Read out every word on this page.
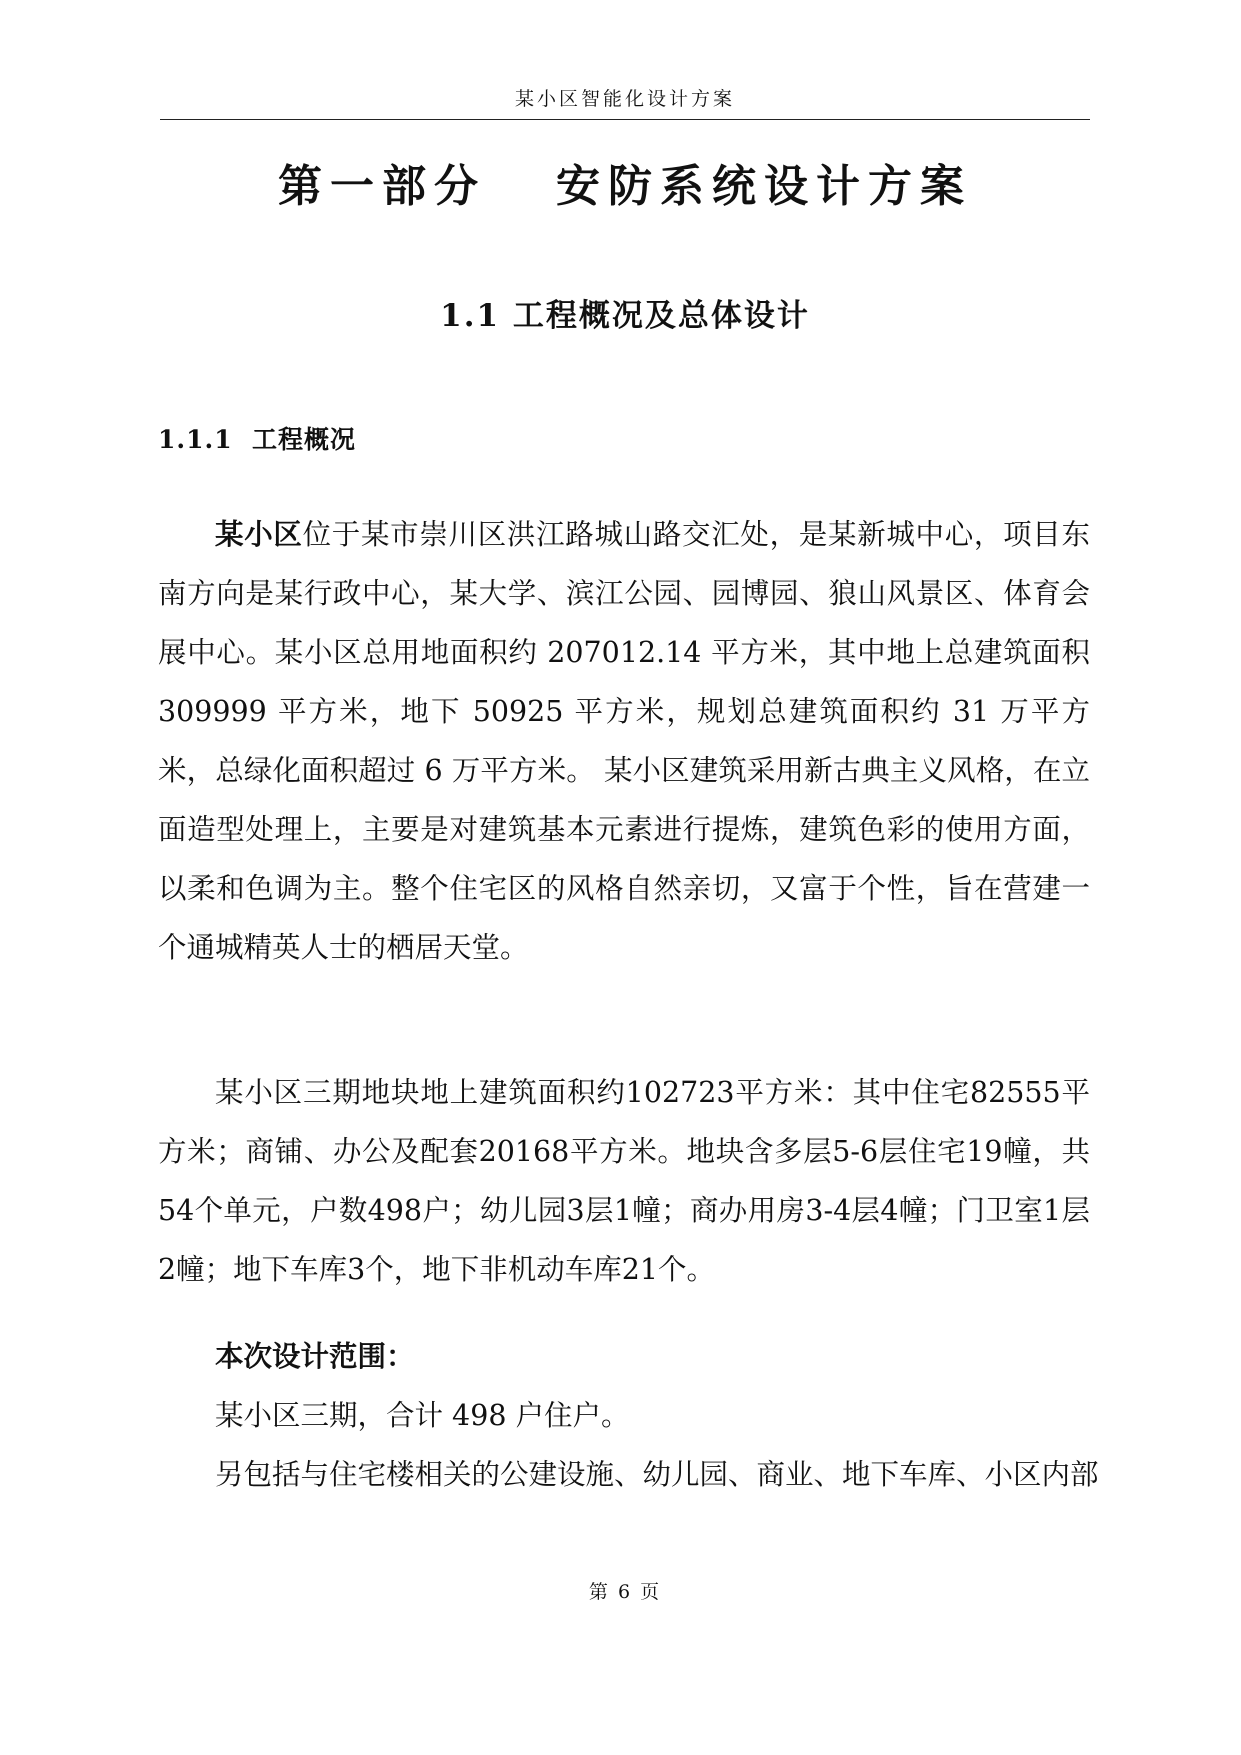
某小区智能化设计方案
第一部分   安防系统设计方案
1.1 工程概况及总体设计
1.1.1  工程概况

某小区位于某市崇川区洪江路城山路交汇处，是某新城中心，项目东南方向是某行政中心，某大学、滨江公园、园博园、狼山风景区、体育会展中心。某小区总用地面积约 207012.14 平方米，其中地上总建筑面积 309999 平方米，地下 50925 平方米，规划总建筑面积约 31 万平方米，总绿化面积超过 6 万平方米。 某小区建筑采用新古典主义风格，在立面造型处理上，主要是对建筑基本元素进行提炼，建筑色彩的使用方面，以柔和色调为主。整个住宅区的风格自然亲切，又富于个性，旨在营建一个通城精英人士的栖居天堂。

某小区三期地块地上建筑面积约102723平方米：其中住宅82555平方米；商铺、办公及配套20168平方米。地块含多层5-6层住宅19幢，共54个单元，户数498户；幼儿园3层1幢；商办用房3-4层4幢；门卫室1层2幢；地下车库3个，地下非机动车库21个。

本次设计范围：
某小区三期，合计 498 户住户。
另包括与住宅楼相关的公建设施、幼儿园、商业、地下车库、小区内部
第 6 页
